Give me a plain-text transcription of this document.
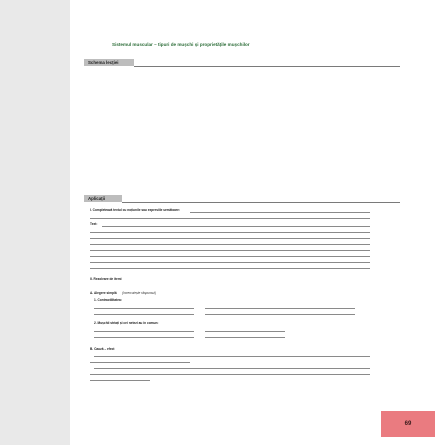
Sistemul muscular – tipuri de mușchi și proprietățile mușchilor
Schema lecției
Aplicații
I. Completează textul cu noțiunile sau expresiile următoare:
Text:
II. Rezolvare de itemi
A. Alegere simplă (încercuiește răspunsul)
1. Contractilitatea:
2. Mușchii striați și cei netezi au în comun:
B. Cauză – efect
69
